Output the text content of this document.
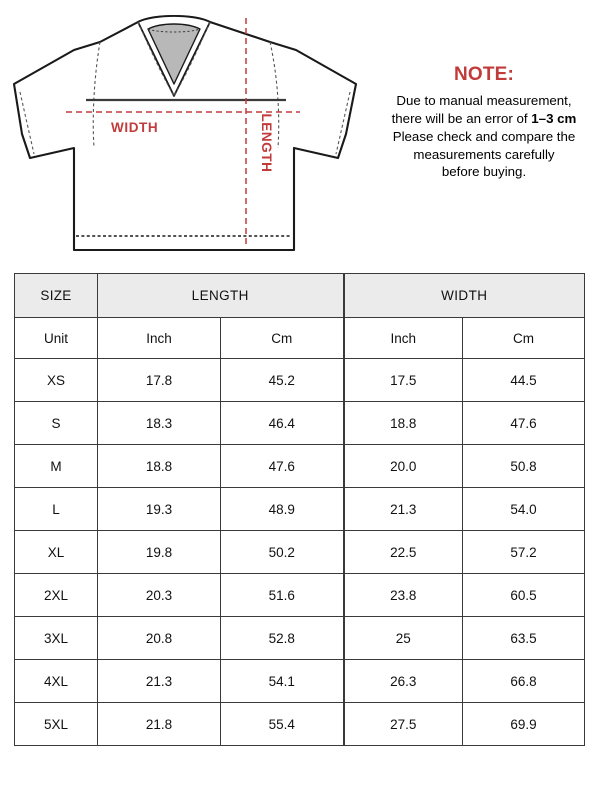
WIDTH	LENGTH
NOTE:
Due to manual measurement,
there will be an error of 1–3 cm
Please check and compare the
measurements carefully
before buying.
SIZE	LENGTH		WIDTH	
Unit	Inch	Cm	Inch	Cm
XS	17.8	45.2	17.5	44.5
S	18.3	46.4	18.8	47.6
M	18.8	47.6	20.0	50.8
L	19.3	48.9	21.3	54.0
XL	19.8	50.2	22.5	57.2
2XL	20.3	51.6	23.8	60.5
3XL	20.8	52.8	25	63.5
4XL	21.3	54.1	26.3	66.8
5XL	21.8	55.4	27.5	69.9
